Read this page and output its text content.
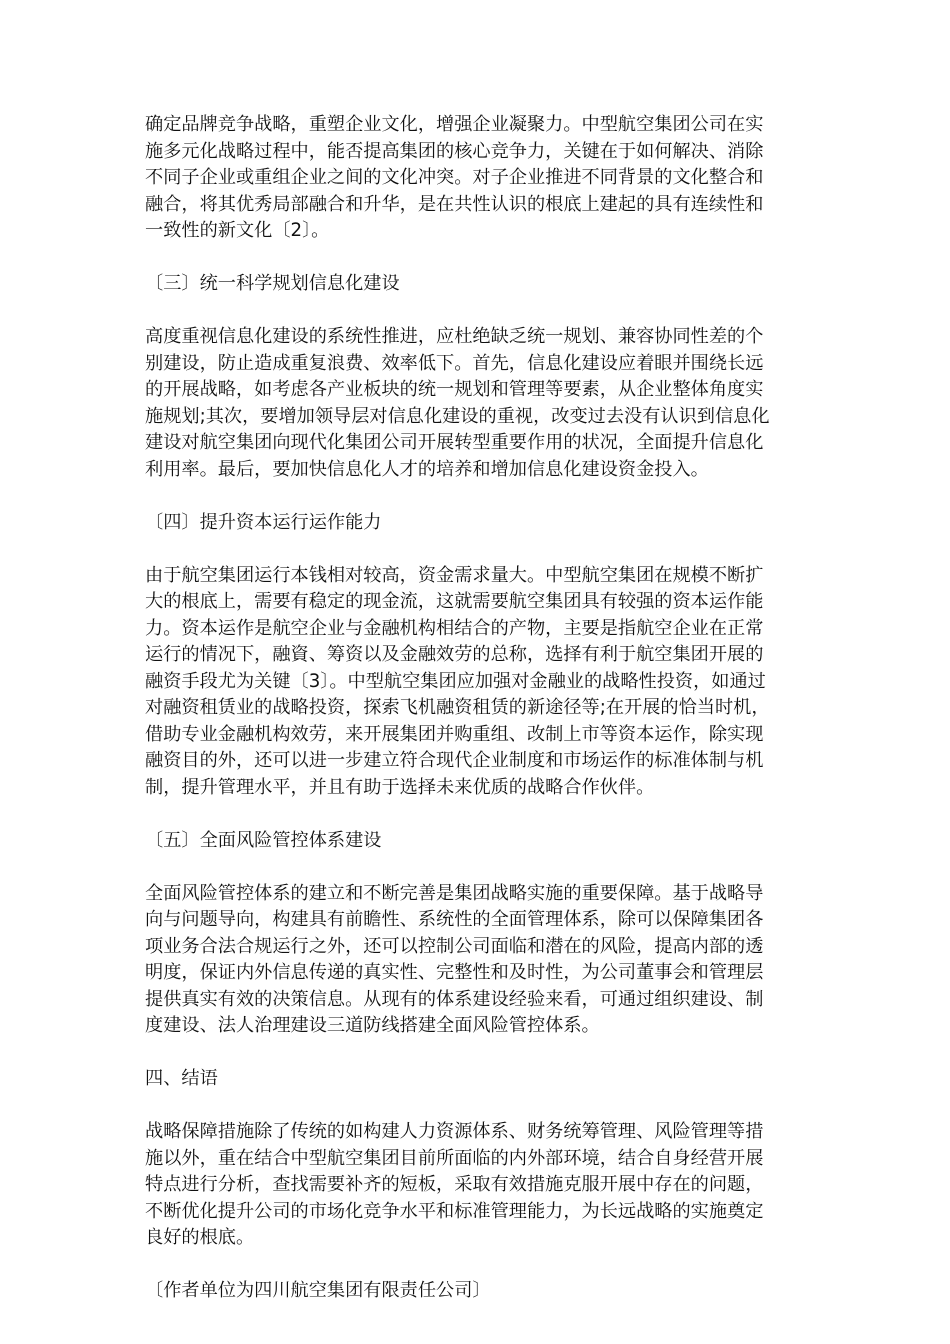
确定品牌竞争战略，重塑企业文化，增强企业凝聚力。中型航空集团公司在实
施多元化战略过程中，能否提高集团的核心竞争力，关键在于如何解决、消除
不同子企业或重组企业之间的文化冲突。对子企业推进不同背景的文化整合和
融合，将其优秀局部融合和升华，是在共性认识的根底上建起的具有连续性和
一致性的新文化〔2〕。

〔三〕统一科学规划信息化建设

高度重视信息化建设的系统性推进，应杜绝缺乏统一规划、兼容协同性差的个
别建设，防止造成重复浪费、效率低下。首先，信息化建设应着眼并围绕长远
的开展战略，如考虑各产业板块的统一规划和管理等要素，从企业整体角度实
施规划;其次，要增加领导层对信息化建设的重视，改变过去没有认识到信息化
建设对航空集团向现代化集团公司开展转型重要作用的状况，全面提升信息化
利用率。最后，要加快信息化人才的培养和增加信息化建设资金投入。

〔四〕提升资本运行运作能力

由于航空集团运行本钱相对较高，资金需求量大。中型航空集团在规模不断扩
大的根底上，需要有稳定的现金流，这就需要航空集团具有较强的资本运作能
力。资本运作是航空企业与金融机构相结合的产物，主要是指航空企业在正常
运行的情况下，融資、筹资以及金融效劳的总称，选择有利于航空集团开展的
融资手段尤为关键〔3〕。中型航空集团应加强对金融业的战略性投资，如通过
对融资租赁业的战略投资，探索飞机融资租赁的新途径等;在开展的恰当时机，
借助专业金融机构效劳，来开展集团并购重组、改制上市等资本运作，除实现
融资目的外，还可以进一步建立符合现代企业制度和市场运作的标准体制与机
制，提升管理水平，并且有助于选择未来优质的战略合作伙伴。

〔五〕全面风险管控体系建设

全面风险管控体系的建立和不断完善是集团战略实施的重要保障。基于战略导
向与问题导向，构建具有前瞻性、系统性的全面管理体系，除可以保障集团各
项业务合法合规运行之外，还可以控制公司面临和潜在的风险，提高内部的透
明度，保证内外信息传递的真实性、完整性和及时性，为公司董事会和管理层
提供真实有效的决策信息。从现有的体系建设经验来看，可通过组织建设、制
度建设、法人治理建设三道防线搭建全面风险管控体系。

四、结语

战略保障措施除了传统的如构建人力资源体系、财务统筹管理、风险管理等措
施以外，重在结合中型航空集团目前所面临的内外部环境，结合自身经营开展
特点进行分析，查找需要补齐的短板，采取有效措施克服开展中存在的问题，
不断优化提升公司的市场化竞争水平和标准管理能力，为长远战略的实施奠定
良好的根底。

〔作者单位为四川航空集团有限责任公司〕
